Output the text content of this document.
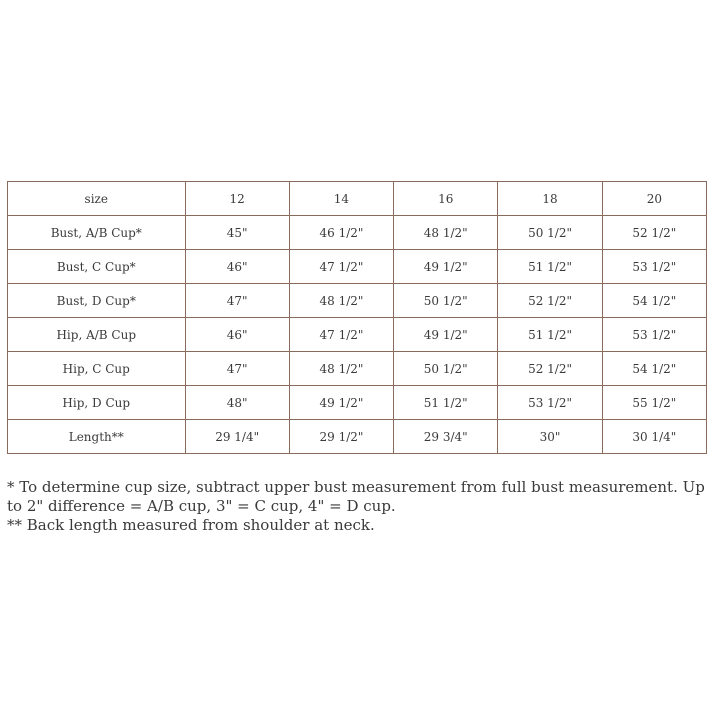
size	12	14	16	18	20
Bust, A/B Cup*	45"	46 1/2"	48 1/2"	50 1/2"	52 1/2"
Bust, C Cup*	46"	47 1/2"	49 1/2"	51 1/2"	53 1/2"
Bust, D Cup*	47"	48 1/2"	50 1/2"	52 1/2"	54 1/2"
Hip, A/B Cup	46"	47 1/2"	49 1/2"	51 1/2"	53 1/2"
Hip, C Cup	47"	48 1/2"	50 1/2"	52 1/2"	54 1/2"
Hip, D Cup	48"	49 1/2"	51 1/2"	53 1/2"	55 1/2"
Length**	29 1/4"	29 1/2"	29 3/4"	30"	30 1/4"

* To determine cup size, subtract upper bust measurement from full bust measurement. Up to 2" difference = A/B cup, 3" = C cup, 4" = D cup.

** Back length measured from shoulder at neck.
